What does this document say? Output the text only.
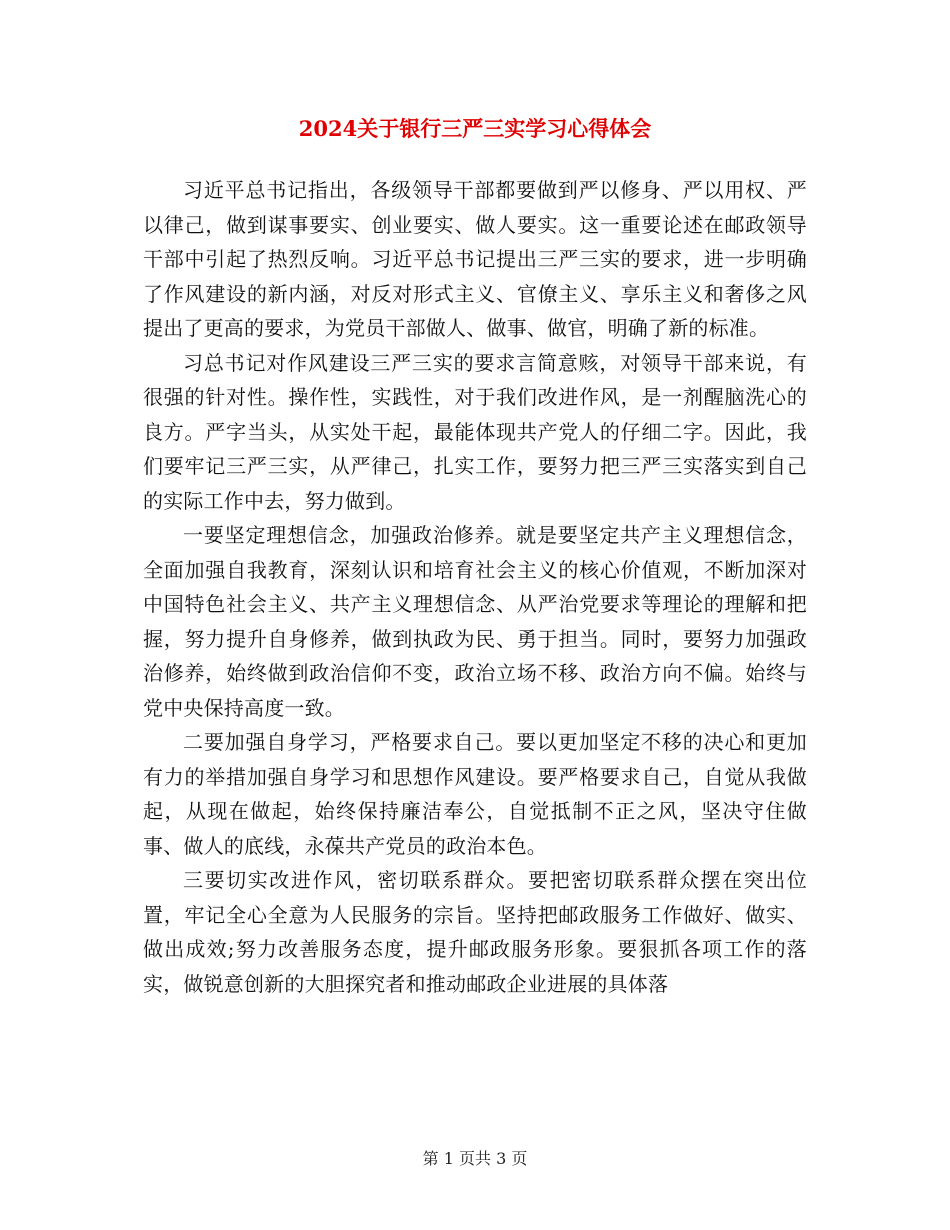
2024关于银行三严三实学习心得体会

习近平总书记指出，各级领导干部都要做到严以修身、严以用权、严以律己，做到谋事要实、创业要实、做人要实。这一重要论述在邮政领导干部中引起了热烈反响。习近平总书记提出三严三实的要求，进一步明确了作风建设的新内涵，对反对形式主义、官僚主义、享乐主义和奢侈之风提出了更高的要求，为党员干部做人、做事、做官，明确了新的标准。

习总书记对作风建设三严三实的要求言简意赅，对领导干部来说，有很强的针对性。操作性，实践性，对于我们改进作风，是一剂醒脑洗心的良方。严字当头，从实处干起，最能体现共产党人的仔细二字。因此，我们要牢记三严三实，从严律己，扎实工作，要努力把三严三实落实到自己的实际工作中去，努力做到。

一要坚定理想信念，加强政治修养。就是要坚定共产主义理想信念，全面加强自我教育，深刻认识和培育社会主义的核心价值观，不断加深对中国特色社会主义、共产主义理想信念、从严治党要求等理论的理解和把握，努力提升自身修养，做到执政为民、勇于担当。同时，要努力加强政治修养，始终做到政治信仰不变，政治立场不移、政治方向不偏。始终与党中央保持高度一致。

二要加强自身学习，严格要求自己。要以更加坚定不移的决心和更加有力的举措加强自身学习和思想作风建设。要严格要求自己，自觉从我做起，从现在做起，始终保持廉洁奉公，自觉抵制不正之风，坚决守住做事、做人的底线，永葆共产党员的政治本色。

三要切实改进作风，密切联系群众。要把密切联系群众摆在突出位置，牢记全心全意为人民服务的宗旨。坚持把邮政服务工作做好、做实、做出成效;努力改善服务态度，提升邮政服务形象。要狠抓各项工作的落实，做锐意创新的大胆探究者和推动邮政企业进展的具体落

第 1 页共 3 页
